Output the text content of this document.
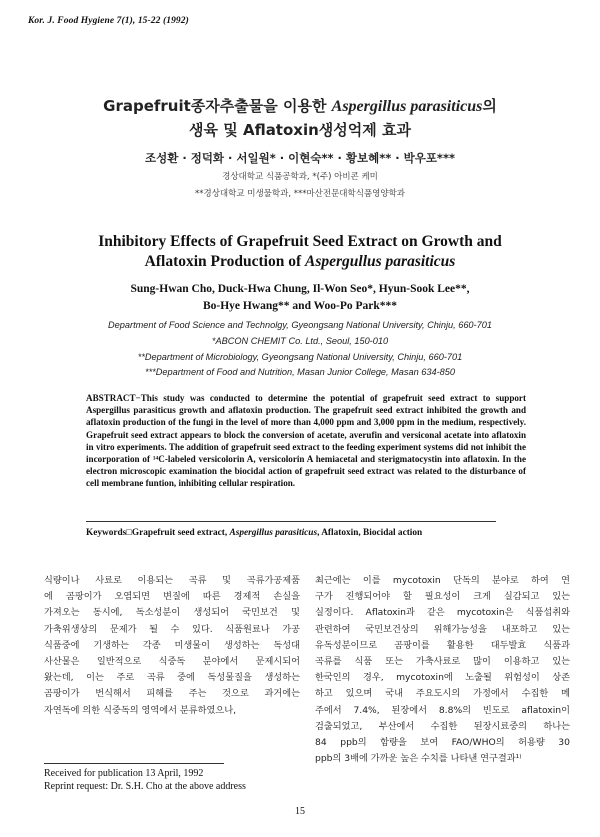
Kor. J. Food Hygiene 7(1), 15-22 (1992)
Grapefruit종자추출물을 이용한 Aspergillus parasiticus의
생육 및 Aflatoxin생성억제 효과
조성환 · 정덕화 · 서일원* · 이현숙** · 황보혜** · 박우포***
경상대학교 식품공학과, *(주) 아비콘 케미
**경상대학교 미생물학과, ***마산전문대학식품영양학과
Inhibitory Effects of Grapefruit Seed Extract on Growth and
Aflatoxin Production of Aspergullus parasiticus
Sung-Hwan Cho, Duck-Hwa Chung, Il-Won Seo*, Hyun-Sook Lee**,
Bo-Hye Hwang** and Woo-Po Park***
Department of Food Science and Technolgy, Gyeongsang National University, Chinju, 660-701
*ABCON CHEMIT Co. Ltd., Seoul, 150-010
**Department of Microbiology, Gyeongsang National University, Chinju, 660-701
***Department of Food and Nutrition, Masan Junior College, Masan 634-850

ABSTRACT−This study was conducted to determine the potential of grapefruit seed extract to support Aspergillus parasiticus growth and aflatoxin production. The grapefruit seed extract inhibited the growth and aflatoxin production of the fungi in the level of more than 4,000 ppm and 3,000 ppm in the medium, respectively. Grapefruit seed extract appears to block the conversion of acetate, averufin and versiconal acetate into aflatoxin in vitro experiments. The addition of grapefruit seed extract to the feeding experiment systems did not inhibit the incorporation of ¹⁴C-labeled versicolorin A, versicolorin A hemiacetal and sterigmatocystin into aflatoxin. In the electron microscopic examination the biocidal action of grapefruit seed extract was related to the disturbance of cell membrane funtion, inhibiting cellular respiration.

Keywords□Grapefruit seed extract, Aspergillus parasiticus, Aflatoxin, Biocidal action
식량이나 사료로 이용되는 곡류 및 곡류가공제품
에 곰팡이가 오염되면 변질에 따른 경제적 손실을
가져오는 동시에, 독소성분이 생성되어 국민보건 및
가축위생상의 문제가 될 수 있다. 식품원료나 가공
식품중에 기생하는 각종 미생물이 생성하는 독성대
사산물은 일반적으로 식중독 분야에서 문제시되어
왔는데, 이는 주로 곡류 중에 독성물질을 생성하는
곰팡이가 번식해서 피해를 주는 것으로 과거에는
자연독에 의한 식중독의 영역에서 분류하였으나,
최근에는 이를 mycotoxin 단독의 분야로 하여 연
구가 진행되어야 할 필요성이 크게 실감되고 있는
실정이다. Aflatoxin과 같은 mycotoxin은 식품섭취와
관련하여 국민보건상의 위해가능성을 내포하고 있는
유독성분이므로 곰팡이를 활용한 대두발효 식품과
곡류를 식품 또는 가축사료로 많이 이용하고 있는
한국인의 경우, mycotoxin에 노출될 위험성이 상존
하고 있으며 국내 주요도시의 가정에서 수집한 메
주에서 7.4%, 된장에서 8.8%의 빈도로 aflatoxin이
검출되었고, 부산에서 수집한 된장시료중의 하나는
84 ppb의 함량을 보여 FAO/WHO의 허용량 30
ppb의 3배에 가까운 높은 수치를 나타낸 연구결과¹⁾
Received for publication 13 April, 1992
Reprint request: Dr. S.H. Cho at the above address
15
